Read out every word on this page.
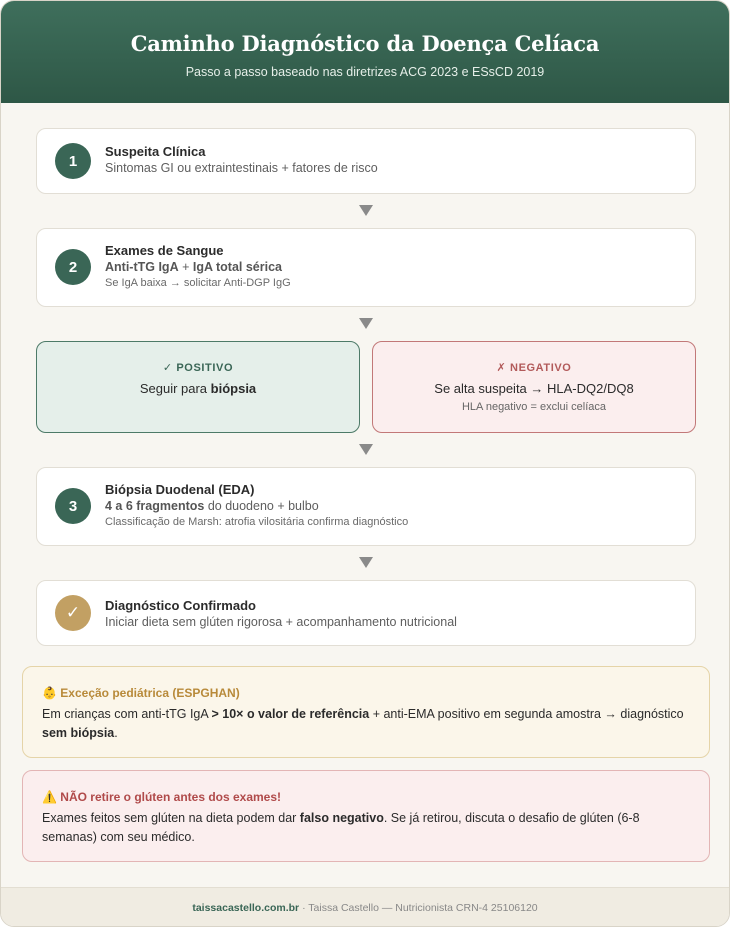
Caminho Diagnóstico da Doença Celíaca
Passo a passo baseado nas diretrizes ACG 2023 e ESsCD 2019
1
Suspeita Clínica
Sintomas GI ou extraintestinais + fatores de risco
2
Exames de Sangue
Anti-tTG IgA + IgA total sérica
Se IgA baixa → solicitar Anti-DGP IgG
✓ POSITIVO
Seguir para biópsia
✗ NEGATIVO
Se alta suspeita → HLA-DQ2/DQ8
HLA negativo = exclui celíaca
3
Biópsia Duodenal (EDA)
4 a 6 fragmentos do duodeno + bulbo
Classificação de Marsh: atrofia vilositária confirma diagnóstico
✓	Diagnóstico Confirmado
Iniciar dieta sem glúten rigorosa + acompanhamento nutricional
👶 Exceção pediátrica (ESPGHAN)
Em crianças com anti-tTG IgA > 10× o valor de referência + anti-EMA positivo em segunda amostra → diagnóstico sem biópsia.
⚠️ NÃO retire o glúten antes dos exames!
Exames feitos sem glúten na dieta podem dar falso negativo. Se já retirou, discuta o desafio de glúten (6-8 semanas) com seu médico.
taissacastello.com.br · Taissa Castello — Nutricionista CRN-4 25106120
